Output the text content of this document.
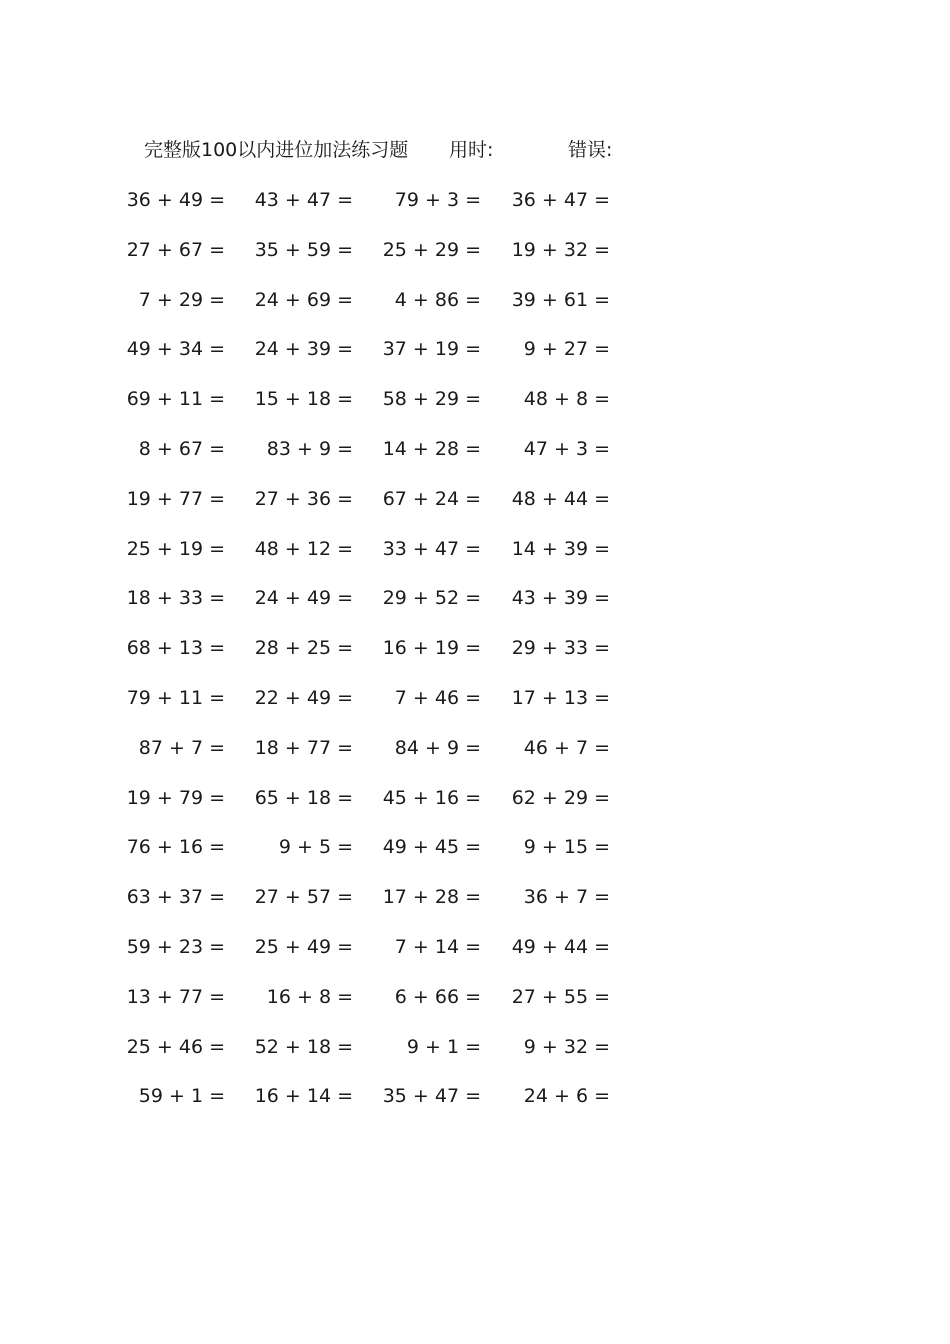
完整版100以内进位加法练习题 用时:	错误:
36 + 49 = 43 + 47 = 79 + 3 = 36 + 47 =
27 + 67 = 35 + 59 = 25 + 29 = 19 + 32 =
7 + 29 = 24 + 69 = 4 + 86 = 39 + 61 =
49 + 34 = 24 + 39 = 37 + 19 = 9 + 27 =
69 + 11 = 15 + 18 = 58 + 29 = 48 + 8 =
8 + 67 = 83 + 9 = 14 + 28 = 47 + 3 =
19 + 77 = 27 + 36 = 67 + 24 = 48 + 44 =
25 + 19 = 48 + 12 = 33 + 47 = 14 + 39 =
18 + 33 = 24 + 49 = 29 + 52 = 43 + 39 =
68 + 13 = 28 + 25 = 16 + 19 = 29 + 33 =
79 + 11 = 22 + 49 = 7 + 46 = 17 + 13 =
87 + 7 = 18 + 77 = 84 + 9 = 46 + 7 =
19 + 79 = 65 + 18 = 45 + 16 = 62 + 29 =
76 + 16 =	9 + 5 = 49 + 45 = 9 + 15 =
63 + 37 = 27 + 57 = 17 + 28 = 36 + 7 =
59 + 23 = 25 + 49 = 7 + 14 = 49 + 44 =
13 + 77 = 16 + 8 = 6 + 66 = 27 + 55 =
25 + 46 = 52 + 18 =	9 + 1 = 9 + 32 =
59 + 1 = 16 + 14 = 35 + 47 = 24 + 6 =
